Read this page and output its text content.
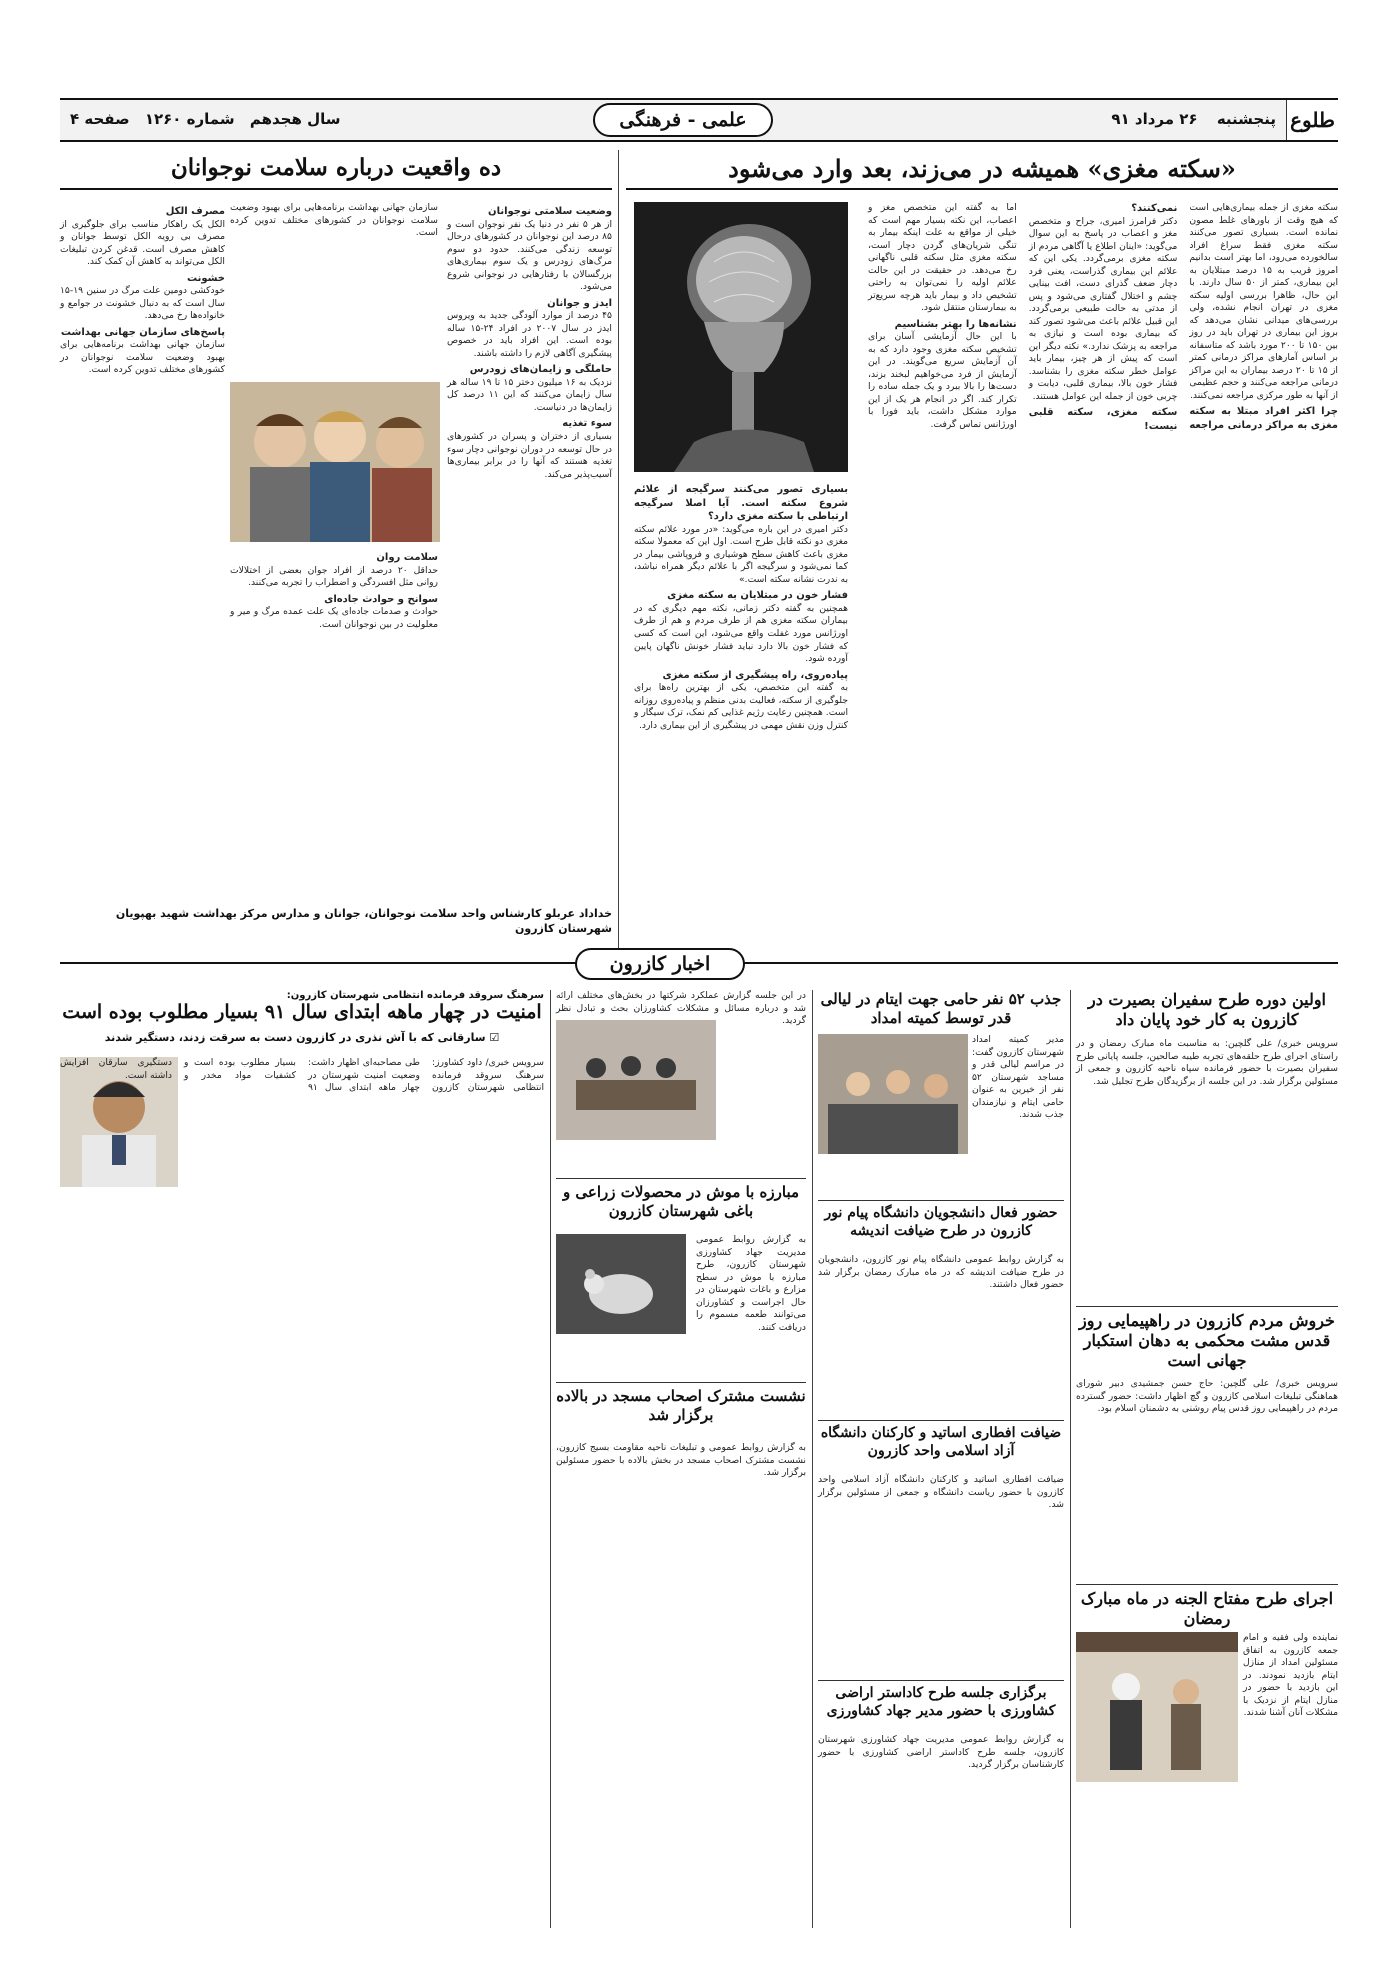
طلوع
پنجشنبه ۲۶ مرداد ۹۱
علمی - فرهنگی
سال هجدهم شماره ۱۲۶۰ صفحه ۴
«سکته مغزی» همیشه در می‌زند، بعد وارد می‌شود
سکته مغزی از جمله بیماری‌هایی است که هیچ وقت از باورهای غلط مصون نمانده است. بسیاری تصور می‌کنند سکته مغزی فقط سراغ افراد سالخورده می‌رود، اما بهتر است بدانیم امروز قریب به ۱۵ درصد مبتلایان به این بیماری، کمتر از ۵۰ سال دارند. با این حال، ظاهرا بررسی اولیه سکته مغزی در تهران انجام نشده، ولی بررسی‌های میدانی نشان می‌دهد که بروز این بیماری در تهران باید در روز بین ۱۵۰ تا ۲۰۰ مورد باشد که متاسفانه بر اساس آمارهای مراکز درمانی کمتر از ۱۵ تا ۲۰ درصد بیماران به این مراکز درمانی مراجعه می‌کنند و حجم عظیمی از آنها به طور مرکزی مراجعه نمی‌کنند.
چرا اکثر افراد مبتلا به سکته مغزی به مراکز درمانی مراجعه نمی‌کنند؟
دکتر فرامرز امیری، جراح و متخصص مغز و اعصاب در پاسخ به این سوال می‌گوید: «اینان اطلاع یا آگاهی مردم از سکته مغزی برمی‌گردد. یکی این که علائم این بیماری گذراست، یعنی فرد دچار ضعف گذرای دست، افت بینایی چشم و اختلال گفتاری می‌شود و پس از مدتی به حالت طبیعی برمی‌گردد. این قبیل علائم باعث می‌شود تصور کند که بیماری بوده است و نیازی به مراجعه به پزشک ندارد.» نکته دیگر این است که پیش از هر چیز، بیمار باید عوامل خطر سکته مغزی را بشناسد. فشار خون بالا، بیماری قلبی، دیابت و چربی خون از جمله این عوامل هستند.
سکته مغزی، سکته قلبی نیست!
اما به گفته این متخصص مغز و اعصاب، این نکته بسیار مهم است که خیلی از مواقع به علت اینکه بیمار به تنگی شریان‌های گردن دچار است، سکته مغزی مثل سکته قلبی ناگهانی رخ می‌دهد. در حقیقت در این حالت علائم اولیه را نمی‌توان به راحتی تشخیص داد و بیمار باید هرچه سریع‌تر به بیمارستان منتقل شود.
نشانه‌ها را بهتر بشناسیم
با این حال آزمایشی آسان برای تشخیص سکته مغزی وجود دارد که به آن آزمایش سریع می‌گویند. در این آزمایش از فرد می‌خواهیم لبخند بزند، دست‌ها را بالا ببرد و یک جمله ساده را تکرار کند. اگر در انجام هر یک از این موارد مشکل داشت، باید فورا با اورژانس تماس گرفت.
بسیاری تصور می‌کنند سرگیجه از علائم شروع سکته است. آیا اصلا سرگیجه ارتباطی با سکته مغزی دارد؟
دکتر امیری در این باره می‌گوید: «در مورد علائم سکته مغزی دو نکته قابل طرح است. اول این که معمولا سکته مغزی باعث کاهش سطح هوشیاری و فروپاشی بیمار در کما نمی‌شود و سرگیجه اگر با علائم دیگر همراه نباشد، به ندرت نشانه سکته است.»
فشار خون در مبتلایان به سکته مغزی
همچنین به گفته دکتر زمانی، نکته مهم دیگری که در بیماران سکته مغزی هم از طرف مردم و هم از طرف اورژانس مورد غفلت واقع می‌شود، این است که کسی که فشار خون بالا دارد نباید فشار خونش ناگهان پایین آورده شود.
پیاده‌روی، راه پیشگیری از سکته مغزی
به گفته این متخصص، یکی از بهترین راه‌ها برای جلوگیری از سکته، فعالیت بدنی منظم و پیاده‌روی روزانه است. همچنین رعایت رژیم غذایی کم نمک، ترک سیگار و کنترل وزن نقش مهمی در پیشگیری از این بیماری دارد.
ده واقعیت درباره سلامت نوجوانان
وضعیت سلامتی نوجوانان
از هر ۵ نفر در دنیا یک نفر نوجوان است و ۸۵ درصد این نوجوانان در کشورهای درحال توسعه زندگی می‌کنند. حدود دو سوم مرگ‌های زودرس و یک سوم بیماری‌های بزرگسالان با رفتارهایی در نوجوانی شروع می‌شود.
ایدز و جوانان
۴۵ درصد از موارد آلودگی جدید به ویروس ایدز در سال ۲۰۰۷ در افراد ۲۴-۱۵ ساله بوده است. این افراد باید در خصوص پیشگیری آگاهی لازم را داشته باشند.
حاملگی و زایمان‌های زودرس
نزدیک به ۱۶ میلیون دختر ۱۵ تا ۱۹ ساله هر سال زایمان می‌کنند که این ۱۱ درصد کل زایمان‌ها در دنیاست.
سوء تغذیه
بسیاری از دختران و پسران در کشورهای در حال توسعه در دوران نوجوانی دچار سوء تغذیه هستند که آنها را در برابر بیماری‌ها آسیب‌پذیر می‌کند.
سازمان جهانی بهداشت برنامه‌هایی برای بهبود وضعیت سلامت نوجوانان در کشورهای مختلف تدوین کرده است.
سلامت روان
حداقل ۲۰ درصد از افراد جوان بعضی از اختلالات روانی مثل افسردگی و اضطراب را تجربه می‌کنند.
سوانح و حوادث جاده‌ای
حوادث و صدمات جاده‌ای یک علت عمده مرگ و میر و معلولیت در بین نوجوانان است.
مصرف الکل
الکل یک راهکار مناسب برای جلوگیری از مصرف بی رویه الکل توسط جوانان و کاهش مصرف است. قدغن کردن تبلیغات الکل می‌تواند به کاهش آن کمک کند.
خشونت
خودکشی دومین علت مرگ در سنین ۱۹-۱۵ سال است که به دنبال خشونت در جوامع و خانواده‌ها رخ می‌دهد.
پاسخ‌های سازمان جهانی بهداشت
سازمان جهانی بهداشت برنامه‌هایی برای بهبود وضعیت سلامت نوجوانان در کشورهای مختلف تدوین کرده است.
خداداد عربلو کارشناس واحد سلامت نوجوانان، جوانان و مدارس مرکز بهداشت شهید بهپویان شهرستان کازرون
اخبار کازرون
اولین دوره طرح سفیران بصیرت در کازرون به کار خود پایان داد
سرویس خبری/ علی گلچین: به مناسبت ماه مبارک رمضان و در راستای اجرای طرح حلقه‌های تجربه طیبه صالحین، جلسه پایانی طرح سفیران بصیرت با حضور فرمانده سپاه ناحیه کازرون و جمعی از مسئولین برگزار شد. در این جلسه از برگزیدگان طرح تجلیل شد.
خروش مردم کازرون در راهپیمایی روز قدس مشت محکمی به دهان استکبار جهانی است
سرویس خبری/ علی گلچین: حاج حسن جمشیدی دبیر شورای هماهنگی تبلیغات اسلامی کازرون و گچ اظهار داشت: حضور گسترده مردم در راهپیمایی روز قدس پیام روشنی به دشمنان اسلام بود.
اجرای طرح مفتاح الجنه در ماه مبارک رمضان
نماینده ولی فقیه و امام جمعه کازرون به اتفاق مسئولین امداد از منازل ایتام بازدید نمودند. در این بازدید با حضور در منازل ایتام از نزدیک با مشکلات آنان آشنا شدند.
جذب ۵۲ نفر حامی جهت ایتام در لیالی قدر توسط کمیته امداد
مدیر کمیته امداد شهرستان کازرون گفت: در مراسم لیالی قدر و مساجد شهرستان ۵۲ نفر از خیرین به عنوان حامی ایتام و نیازمندان جذب شدند.
حضور فعال دانشجویان دانشگاه پیام نور کازرون در طرح ضیافت اندیشه
به گزارش روابط عمومی دانشگاه پیام نور کازرون، دانشجویان در طرح ضیافت اندیشه که در ماه مبارک رمضان برگزار شد حضور فعال داشتند.
ضیافت افطاری اساتید و کارکنان دانشگاه آزاد اسلامی واحد کازرون
ضیافت افطاری اساتید و کارکنان دانشگاه آزاد اسلامی واحد کازرون با حضور ریاست دانشگاه و جمعی از مسئولین برگزار شد.
برگزاری جلسه طرح کاداستر اراضی کشاورزی با حضور مدیر جهاد کشاورزی
به گزارش روابط عمومی مدیریت جهاد کشاورزی شهرستان کازرون، جلسه طرح کاداستر اراضی کشاورزی با حضور کارشناسان برگزار گردید.
در این جلسه گزارش عملکرد شرکتها در بخش‌های مختلف ارائه شد و درباره مسائل و مشکلات کشاورزان بحث و تبادل نظر گردید.
مبارزه با موش در محصولات زراعی و باغی شهرستان کازرون
به گزارش روابط عمومی مدیریت جهاد کشاورزی شهرستان کازرون، طرح مبارزه با موش در سطح مزارع و باغات شهرستان در حال اجراست و کشاورزان می‌توانند طعمه مسموم را دریافت کنند.
نشست مشترک اصحاب مسجد در بالاده برگزار شد
به گزارش روابط عمومی و تبلیغات ناحیه مقاومت بسیج کازرون، نشست مشترک اصحاب مسجد در بخش بالاده با حضور مسئولین برگزار شد.
سرهنگ سروقد فرمانده انتظامی شهرستان کازرون:
امنیت در چهار ماهه ابتدای سال ۹۱ بسیار مطلوب بوده است
☑ سارقانی که با آش نذری در کازرون دست به سرقت زدند، دستگیر شدند
سرویس خبری/ داود کشاورز: سرهنگ سروقد فرمانده انتظامی شهرستان کازرون طی مصاحبه‌ای اظهار داشت: وضعیت امنیت شهرستان در چهار ماهه ابتدای سال ۹۱ بسیار مطلوب بوده است و کشفیات مواد مخدر و دستگیری سارقان افزایش داشته است.
